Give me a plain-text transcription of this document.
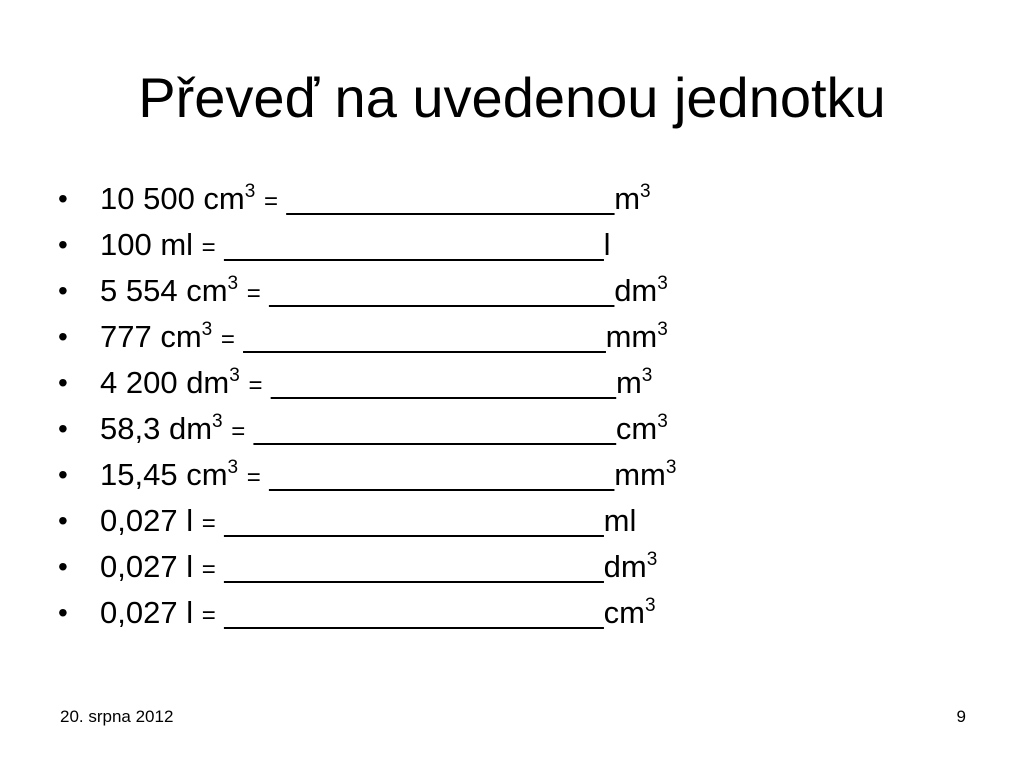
Převeď na uvedenou jednotku
• 10 500 $cm^3$ = $\_\_\_\_\_\_\_\_\_\_\_\_\_\_\_\_\_\_\_m^3$
• 100 ml = ______________________l
• 5 554 $cm^3$ = $\_\_\_\_\_\_\_\_\_\_\_\_\_\_\_\_\_\_\_\_dm^3$
• 777 $cm^3$ = $\_\_\_\_\_\_\_\_\_\_\_\_\_\_\_\_\_\_\_\_\_mm^3$
• 4 200 $dm^3$ = $\_\_\_\_\_\_\_\_\_\_\_\_\_\_\_\_\_\_\_\_m^3$
• 58,3 $dm^3$ = $\_\_\_\_\_\_\_\_\_\_\_\_\_\_\_\_\_\_\_\_\_cm^3$
• 15,45 $cm^3$ = $\_\_\_\_\_\_\_\_\_\_\_\_\_\_\_\_\_\_\_\_mm^3$
• 0,027 l = ______________________ml
• 0,027 $l = \_\_\_\_\_\_\_\_\_\_\_\_\_\_\_\_\_\_\_\_\_\_dm^3$
• 0,027 $l = \_\_\_\_\_\_\_\_\_\_\_\_\_\_\_\_\_\_\_\_\_\_cm^3$
20. srpna 2012	9
